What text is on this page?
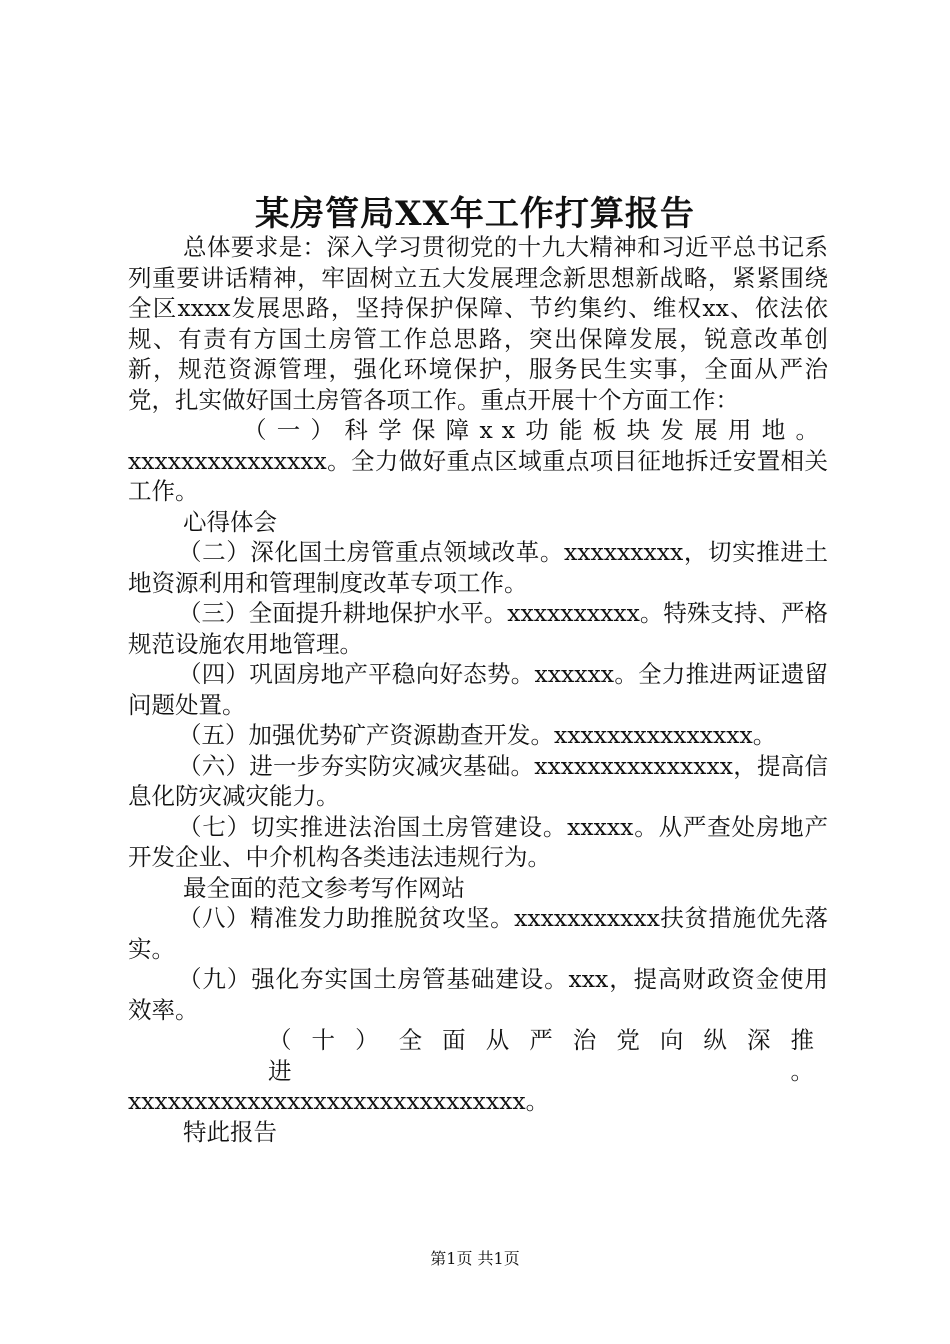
某房管局XX年工作打算报告

总体要求是：深入学习贯彻党的十九大精神和习近平总书记系列重要讲话精神，牢固树立五大发展理念新思想新战略，紧紧围绕全区xxxx发展思路，坚持保护保障、节约集约、维权xx、依法依规、有责有方国土房管工作总思路，突出保障发展，锐意改革创新，规范资源管理，强化环境保护，服务民生实事，全面从严治党，扎实做好国土房管各项工作。重点开展十个方面工作：

（一）科学保障xx功能板块发展用地。

xxxxxxxxxxxxxxx。全力做好重点区域重点项目征地拆迁安置相关工作。

心得体会

（二）深化国土房管重点领域改革。xxxxxxxxx，切实推进土地资源利用和管理制度改革专项工作。

（三）全面提升耕地保护水平。xxxxxxxxxx。特殊支持、严格规范设施农用地管理。

（四）巩固房地产平稳向好态势。xxxxxx。全力推进两证遗留问题处置。

（五）加强优势矿产资源勘查开发。xxxxxxxxxxxxxxx。

（六）进一步夯实防灾减灾基础。xxxxxxxxxxxxxxx，提高信息化防灾减灾能力。

（七）切实推进法治国土房管建设。xxxxx。从严查处房地产开发企业、中介机构各类违法违规行为。

最全面的范文参考写作网站

（八）精准发力助推脱贫攻坚。xxxxxxxxxxx扶贫措施优先落实。

（九）强化夯实国土房管基础建设。xxx，提高财政资金使用效率。

（十）全面从严治党向纵深推进。

xxxxxxxxxxxxxxxxxxxxxxxxxxxxxx。

特此报告

第1页 共1页
